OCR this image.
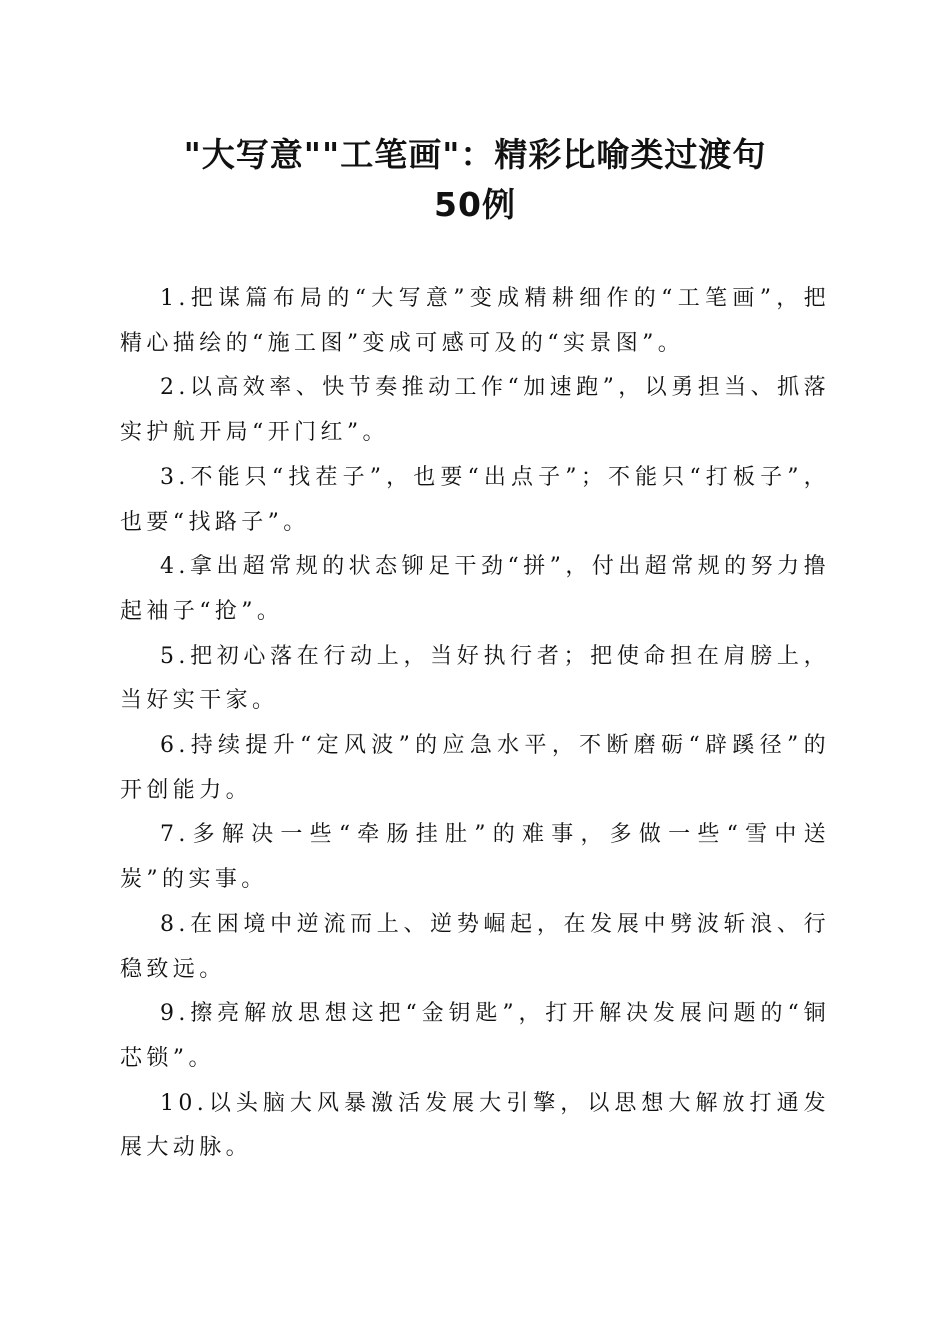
"大写意""工笔画"：精彩比喻类过渡句
50例

1.把谋篇布局的“大写意”变成精耕细作的“工笔画”，把精心描绘的“施工图”变成可感可及的“实景图”。

2.以高效率、快节奏推动工作“加速跑”，以勇担当、抓落实护航开局“开门红”。

3.不能只“找茬子”，也要“出点子”；不能只“打板子”，也要“找路子”。

4.拿出超常规的状态铆足干劲“拼”，付出超常规的努力撸起袖子“抢”。

5.把初心落在行动上，当好执行者；把使命担在肩膀上，当好实干家。

6.持续提升“定风波”的应急水平，不断磨砺“辟蹊径”的开创能力。

7.多解决一些“牵肠挂肚”的难事，多做一些“雪中送炭”的实事。

8.在困境中逆流而上、逆势崛起，在发展中劈波斩浪、行稳致远。

9.擦亮解放思想这把“金钥匙”，打开解决发展问题的“铜芯锁”。

10.以头脑大风暴激活发展大引擎，以思想大解放打通发展大动脉。
